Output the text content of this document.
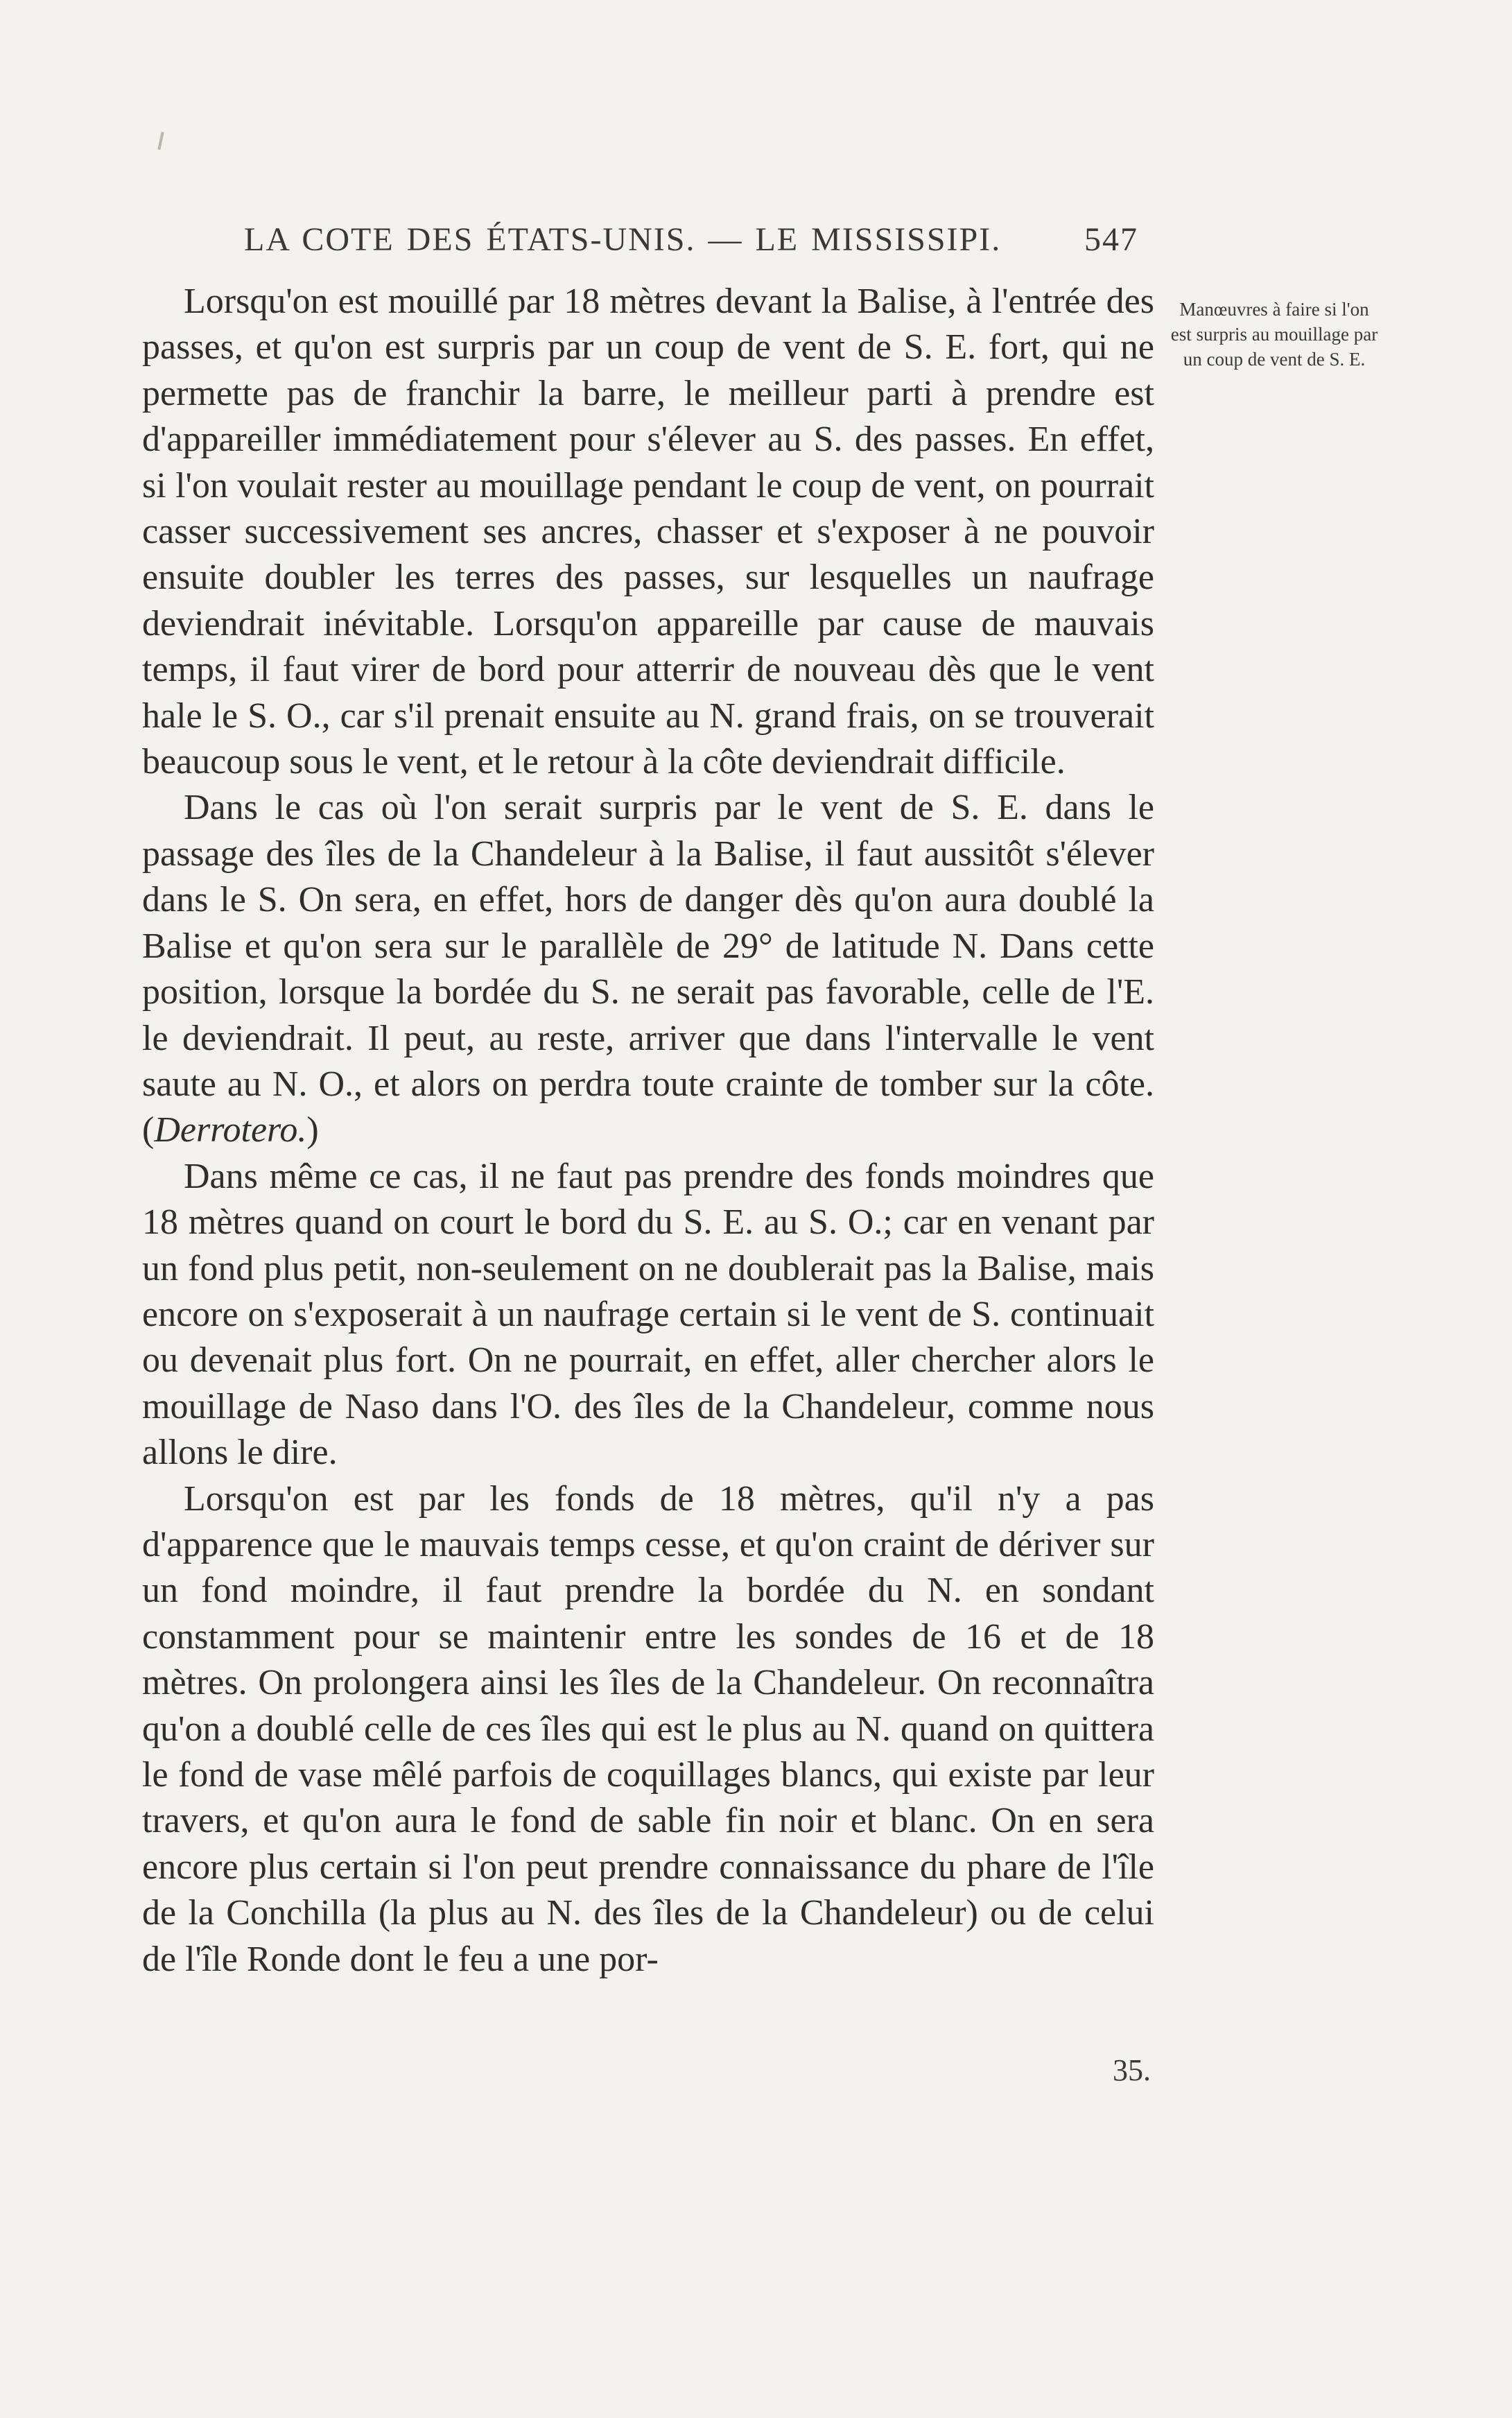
LA COTE DES ÉTATS-UNIS. — LE MISSISSIPI. 547
Manœuvres à faire si l'on est surpris au mouillage par un coup de vent de S. E.

Lorsqu'on est mouillé par 18 mètres devant la Balise, à l'entrée des passes, et qu'on est surpris par un coup de vent de S. E. fort, qui ne permette pas de franchir la barre, le meilleur parti à prendre est d'appareiller immédiatement pour s'élever au S. des passes. En effet, si l'on voulait rester au mouillage pendant le coup de vent, on pourrait casser successivement ses ancres, chasser et s'exposer à ne pouvoir ensuite doubler les terres des passes, sur lesquelles un naufrage deviendrait inévitable. Lorsqu'on appareille par cause de mauvais temps, il faut virer de bord pour atterrir de nouveau dès que le vent hale le S. O., car s'il prenait ensuite au N. grand frais, on se trouverait beaucoup sous le vent, et le retour à la côte deviendrait difficile.

Dans le cas où l'on serait surpris par le vent de S. E. dans le passage des îles de la Chandeleur à la Balise, il faut aussitôt s'élever dans le S. On sera, en effet, hors de danger dès qu'on aura doublé la Balise et qu'on sera sur le parallèle de 29° de latitude N. Dans cette position, lorsque la bordée du S. ne serait pas favorable, celle de l'E. le deviendrait. Il peut, au reste, arriver que dans l'intervalle le vent saute au N. O., et alors on perdra toute crainte de tomber sur la côte. (Derrotero.)

Dans même ce cas, il ne faut pas prendre des fonds moindres que 18 mètres quand on court le bord du S. E. au S. O.; car en venant par un fond plus petit, non-seulement on ne doublerait pas la Balise, mais encore on s'exposerait à un naufrage certain si le vent de S. continuait ou devenait plus fort. On ne pourrait, en effet, aller chercher alors le mouillage de Naso dans l'O. des îles de la Chandeleur, comme nous allons le dire.

Lorsqu'on est par les fonds de 18 mètres, qu'il n'y a pas d'apparence que le mauvais temps cesse, et qu'on craint de dériver sur un fond moindre, il faut prendre la bordée du N. en sondant constamment pour se maintenir entre les sondes de 16 et de 18 mètres. On prolongera ainsi les îles de la Chandeleur. On reconnaîtra qu'on a doublé celle de ces îles qui est le plus au N. quand on quittera le fond de vase mêlé parfois de coquillages blancs, qui existe par leur travers, et qu'on aura le fond de sable fin noir et blanc. On en sera encore plus certain si l'on peut prendre connaissance du phare de l'île de la Conchilla (la plus au N. des îles de la Chandeleur) ou de celui de l'île Ronde dont le feu a une por-

35.
